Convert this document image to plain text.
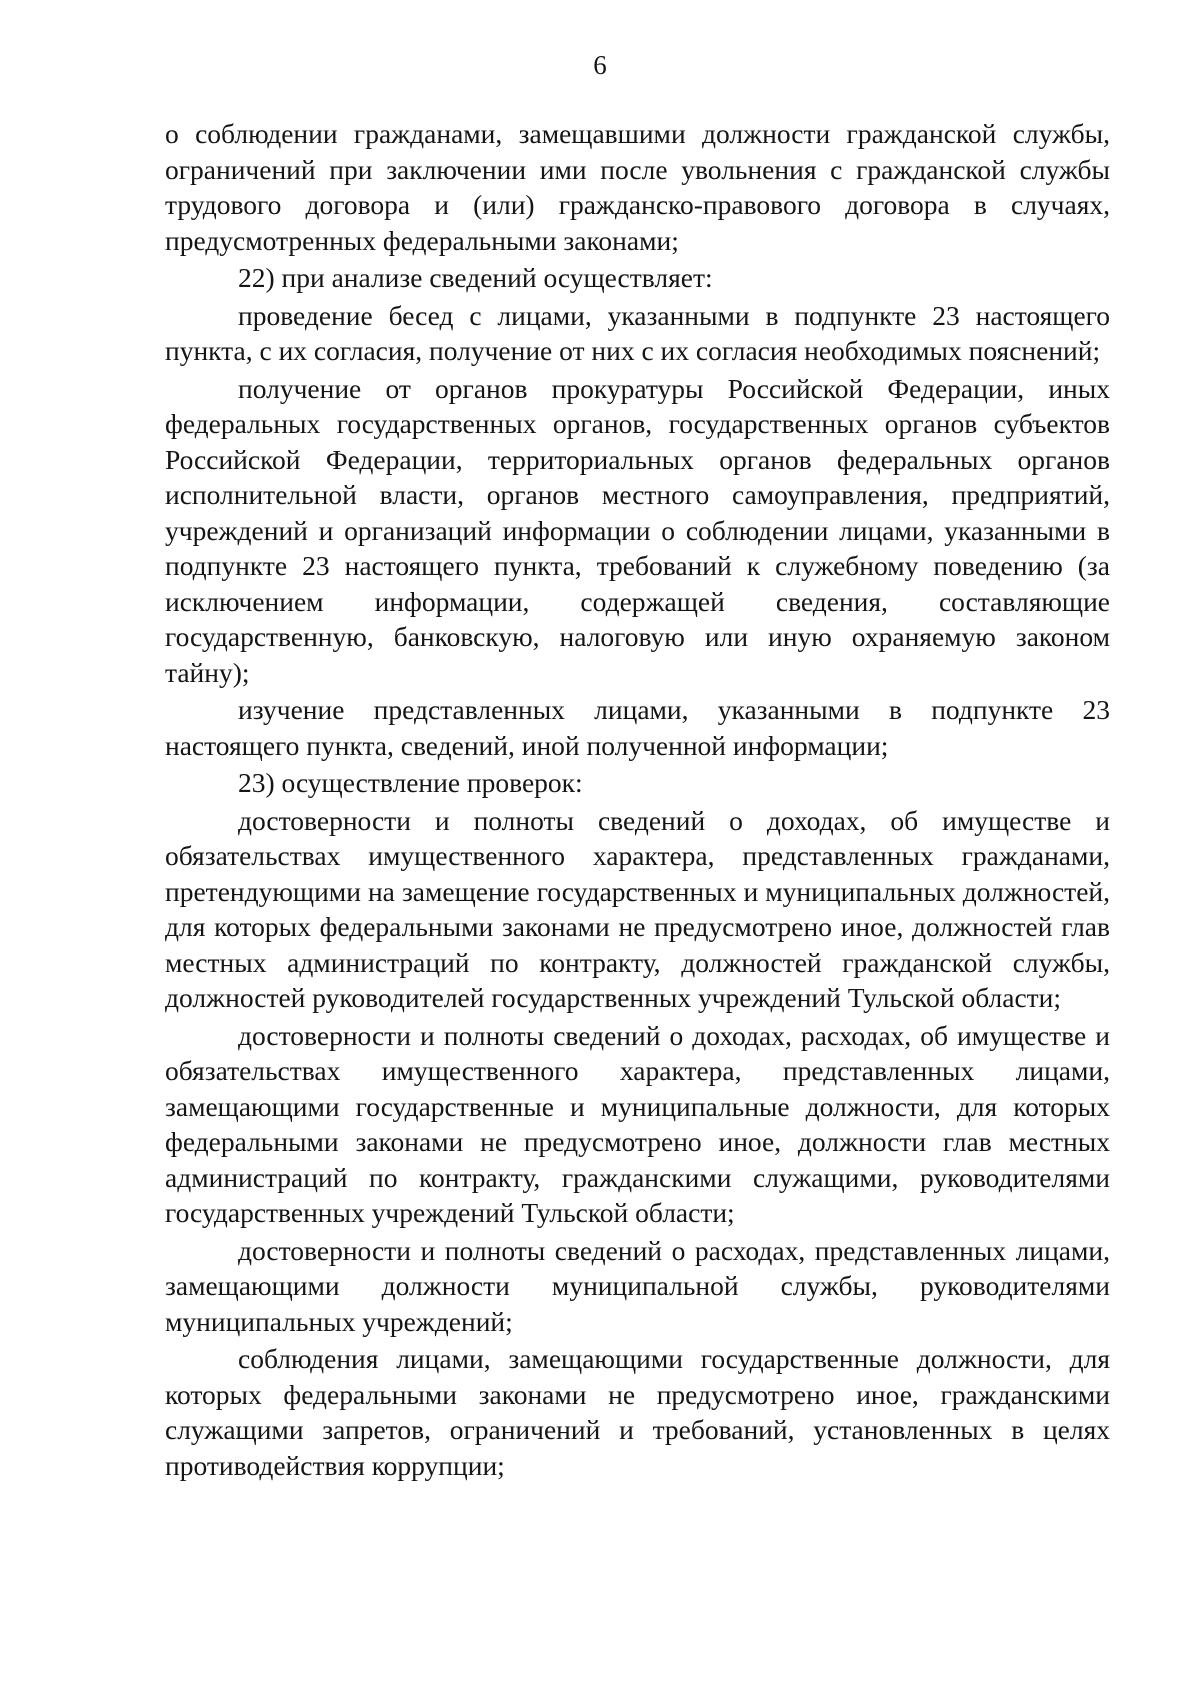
6

о соблюдении гражданами, замещавшими должности гражданской службы, ограничений при заключении ими после увольнения с гражданской службы трудового договора и (или) гражданско-правового договора в случаях, предусмотренных федеральными законами;

22) при анализе сведений осуществляет:

проведение бесед с лицами, указанными в подпункте 23 настоящего пункта, с их согласия, получение от них с их согласия необходимых пояснений;

получение от органов прокуратуры Российской Федерации, иных федеральных государственных органов, государственных органов субъектов Российской Федерации, территориальных органов федеральных органов исполнительной власти, органов местного самоуправления, предприятий, учреждений и организаций информации о соблюдении лицами, указанными в подпункте 23 настоящего пункта, требований к служебному поведению (за исключением информации, содержащей сведения, составляющие государственную, банковскую, налоговую или иную охраняемую законом тайну);

изучение представленных лицами, указанными в подпункте 23 настоящего пункта, сведений, иной полученной информации;

23) осуществление проверок:

достоверности и полноты сведений о доходах, об имуществе и обязательствах имущественного характера, представленных гражданами, претендующими на замещение государственных и муниципальных должностей, для которых федеральными законами не предусмотрено иное, должностей глав местных администраций по контракту, должностей гражданской службы, должностей руководителей государственных учреждений Тульской области;

достоверности и полноты сведений о доходах, расходах, об имуществе и обязательствах имущественного характера, представленных лицами, замещающими государственные и муниципальные должности, для которых федеральными законами не предусмотрено иное, должности глав местных администраций по контракту, гражданскими служащими, руководителями государственных учреждений Тульской области;

достоверности и полноты сведений о расходах, представленных лицами, замещающими должности муниципальной службы, руководителями муниципальных учреждений;

соблюдения лицами, замещающими государственные должности, для которых федеральными законами не предусмотрено иное, гражданскими служащими запретов, ограничений и требований, установленных в целях противодействия коррупции;
